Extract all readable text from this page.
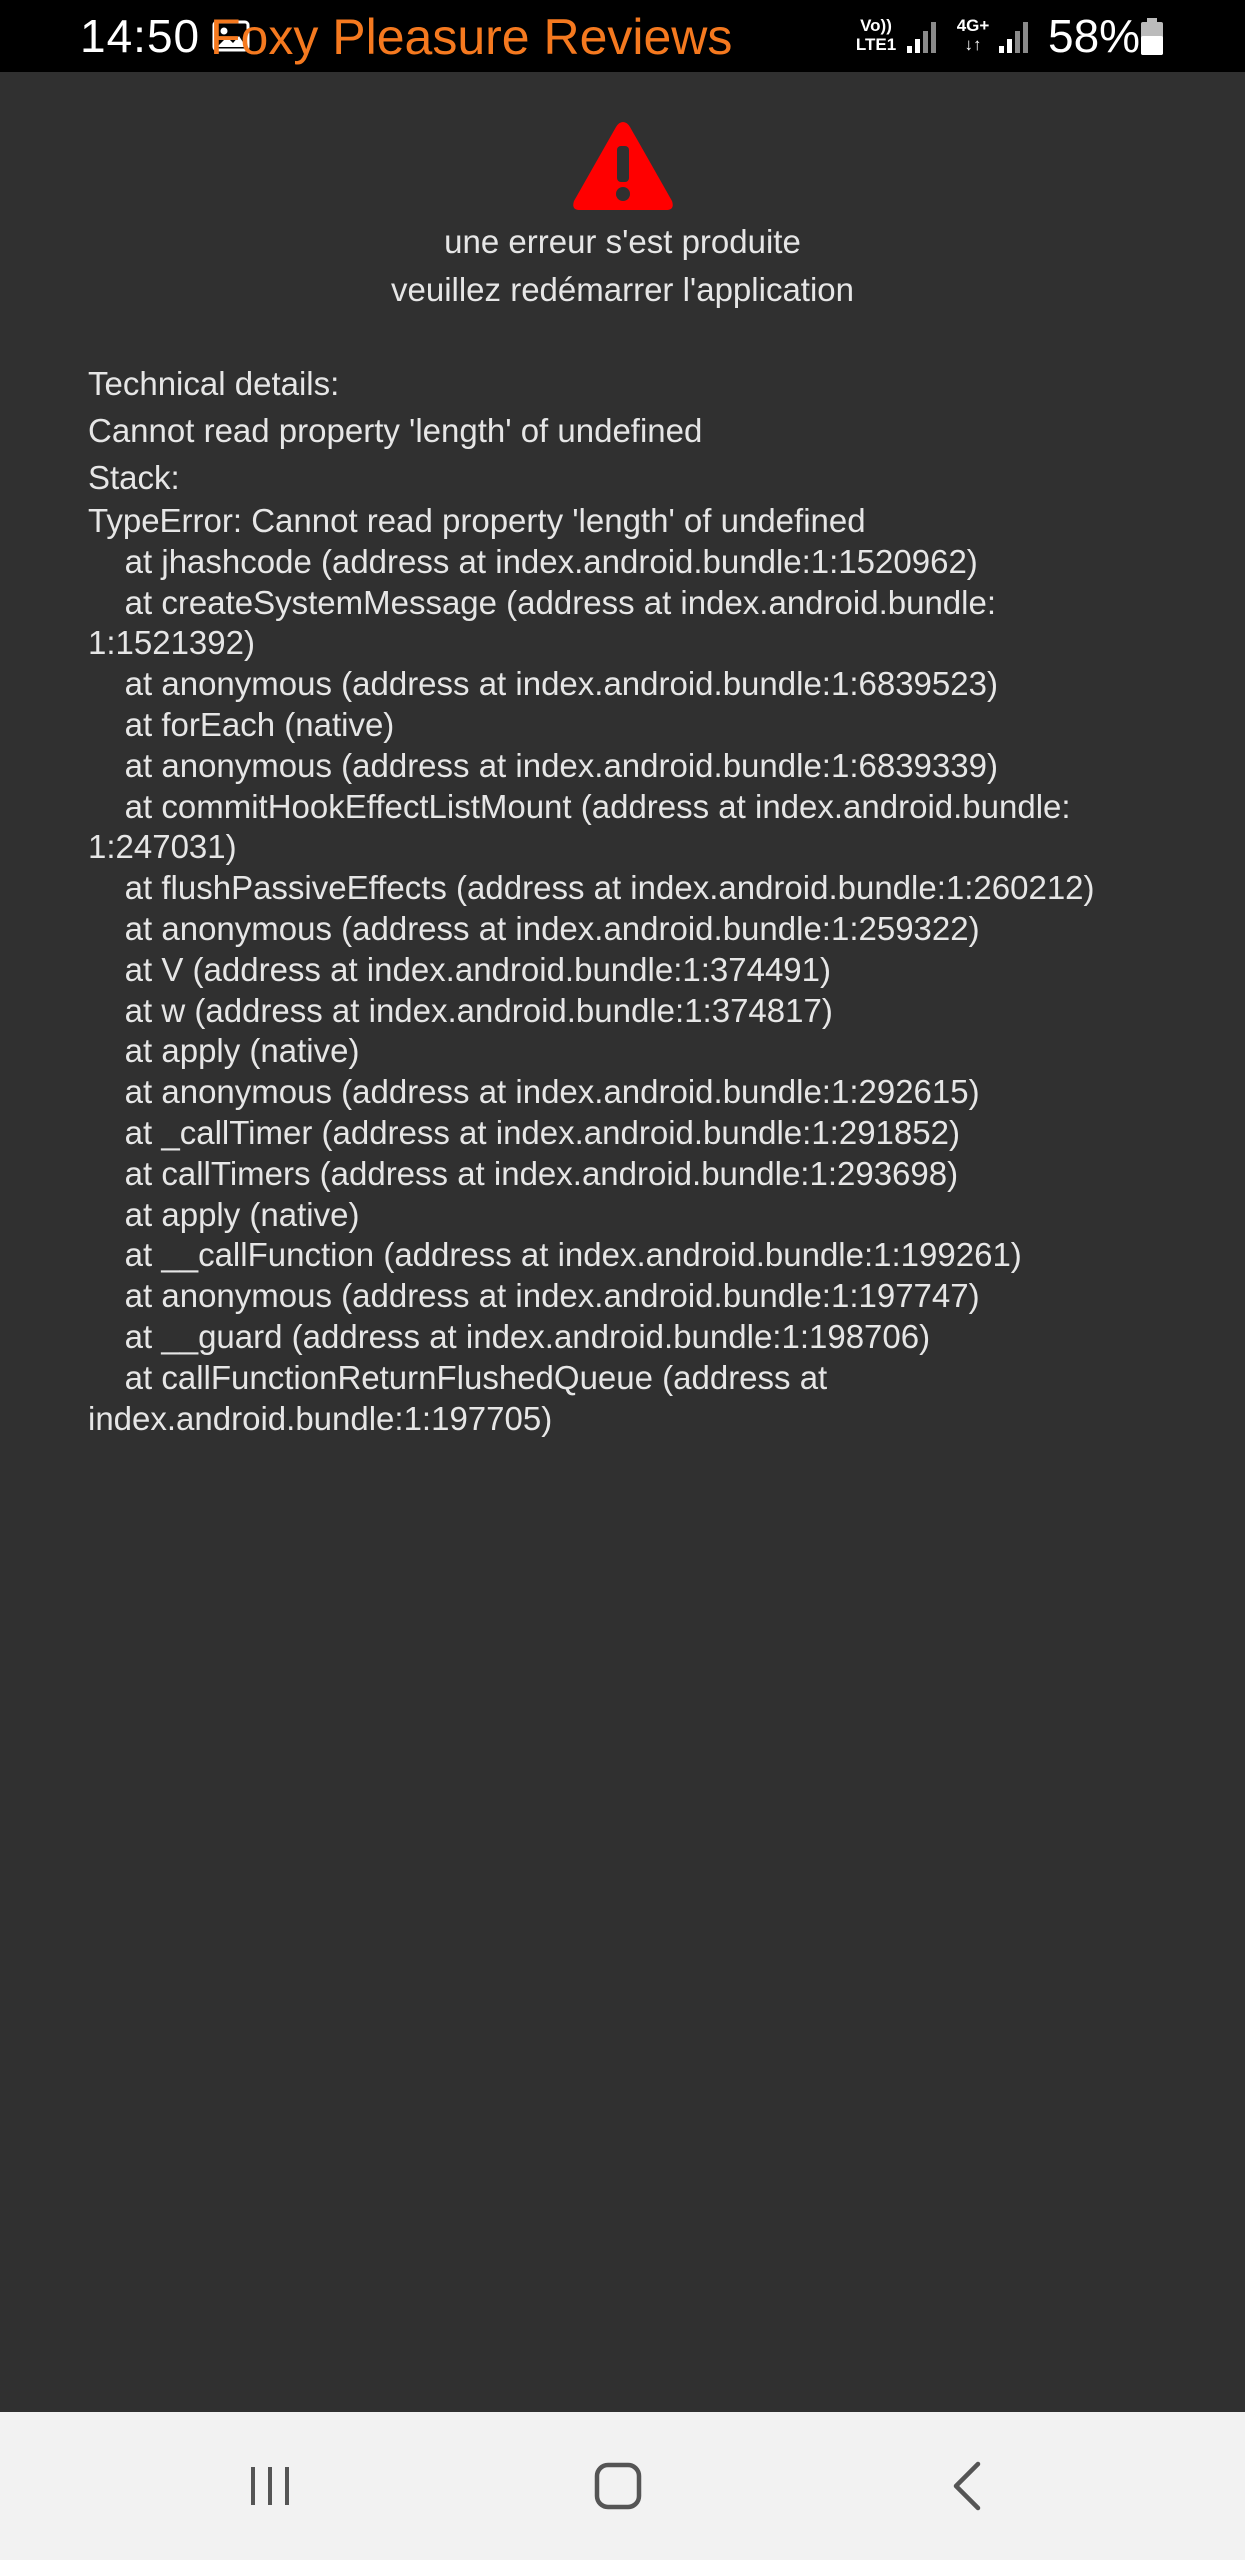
14:50 Foxy Pleasure Reviews	Vo))
LTE1
4G+
↓↑ 58%
une erreur s'est produite
veuillez redémarrer l'application
Technical details:
Cannot read property 'length' of undefined
Stack:
TypeError: Cannot read property 'length' of undefined
at jhashcode (address at index.android.bundle:1:1520962)
at createSystemMessage (address at index.android.bundle:
1:1521392)
at anonymous (address at index.android.bundle:1:6839523)
at forEach (native)
at anonymous (address at index.android.bundle:1:6839339)
at commitHookEffectListMount (address at index.android.bundle:
1:247031)
at flushPassiveEffects (address at index.android.bundle:1:260212)
at anonymous (address at index.android.bundle:1:259322)
at V (address at index.android.bundle:1:374491)
at w (address at index.android.bundle:1:374817)
at apply (native)
at anonymous (address at index.android.bundle:1:292615)
at _callTimer (address at index.android.bundle:1:291852)
at callTimers (address at index.android.bundle:1:293698)
at apply (native)
at __callFunction (address at index.android.bundle:1:199261)
at anonymous (address at index.android.bundle:1:197747)
at __guard (address at index.android.bundle:1:198706)
at callFunctionReturnFlushedQueue (address at
index.android.bundle:1:197705)
